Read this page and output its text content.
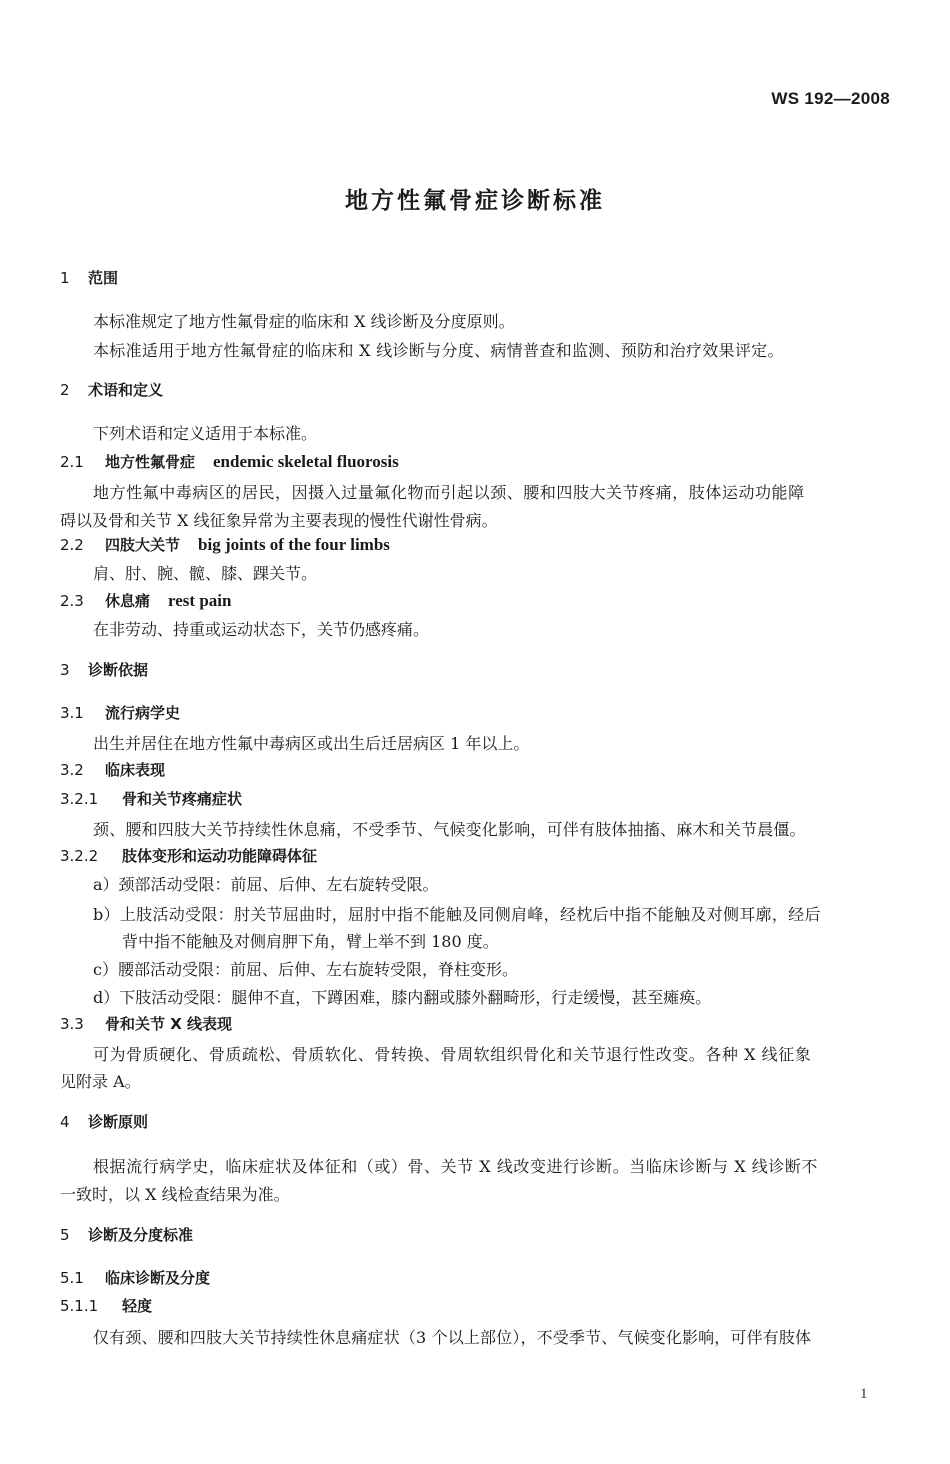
WS 192—2008
地方性氟骨症诊断标准
1 范围
本标准规定了地方性氟骨症的临床和 X 线诊断及分度原则。
本标准适用于地方性氟骨症的临床和 X 线诊断与分度、病情普查和监测、预防和治疗效果评定。
2 术语和定义
下列术语和定义适用于本标准。
2.1 地方性氟骨症 endemic skeletal fluorosis
地方性氟中毒病区的居民，因摄入过量氟化物而引起以颈、腰和四肢大关节疼痛，肢体运动功能障
碍以及骨和关节 X 线征象异常为主要表现的慢性代谢性骨病。
2.2 四肢大关节 big joints of the four limbs
肩、肘、腕、髋、膝、踝关节。
2.3 休息痛 rest pain
在非劳动、持重或运动状态下，关节仍感疼痛。
3 诊断依据
3.1 流行病学史
出生并居住在地方性氟中毒病区或出生后迁居病区 1 年以上。
3.2 临床表现
3.2.1 骨和关节疼痛症状
颈、腰和四肢大关节持续性休息痛，不受季节、气候变化影响，可伴有肢体抽搐、麻木和关节晨僵。
3.2.2 肢体变形和运动功能障碍体征
a）颈部活动受限：前屈、后伸、左右旋转受限。
b）上肢活动受限：肘关节屈曲时，屈肘中指不能触及同侧肩峰，经枕后中指不能触及对侧耳廓，经后
背中指不能触及对侧肩胛下角，臂上举不到 180 度。
c）腰部活动受限：前屈、后伸、左右旋转受限，脊柱变形。
d）下肢活动受限：腿伸不直，下蹲困难，膝内翻或膝外翻畸形，行走缓慢，甚至瘫痪。
3.3 骨和关节 X 线表现
可为骨质硬化、骨质疏松、骨质软化、骨转换、骨周软组织骨化和关节退行性改变。各种 X 线征象
见附录 A。
4 诊断原则
根据流行病学史，临床症状及体征和（或）骨、关节 X 线改变进行诊断。当临床诊断与 X 线诊断不
一致时，以 X 线检查结果为准。
5 诊断及分度标准
5.1 临床诊断及分度
5.1.1 轻度
仅有颈、腰和四肢大关节持续性休息痛症状（3 个以上部位），不受季节、气候变化影响，可伴有肢体
1
